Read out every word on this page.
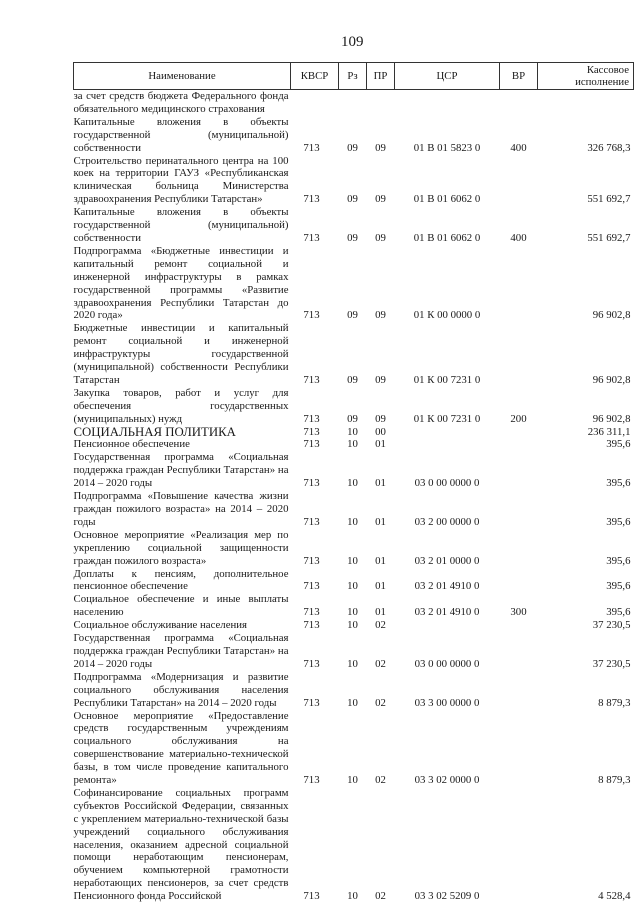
109
Наименование	КВСР	Рз	ПР	ЦСР	ВР	Кассовое исполнение
за счет средств бюджета Федерального фонда обязательного медицинского страхования						
Капитальные вложения в объекты государственной (муниципальной) собственности	713	09	09	01 В 01 5823 0	400	326 768,3
Строительство перинатального центра на 100 коек на территории ГАУЗ «Республиканская клиническая больница Министерства здравоохранения Республики Татарстан»	713	09	09	01 В 01 6062 0		551 692,7
Капитальные вложения в объекты государственной (муниципальной) собственности	713	09	09	01 В 01 6062 0	400	551 692,7
Подпрограмма «Бюджетные инвестиции и капитальный ремонт социальной и инженерной инфраструктуры в рамках государственной программы «Развитие здравоохранения Республики Татарстан до 2020 года»	713	09	09	01 К 00 0000 0		96 902,8
Бюджетные инвестиции и капитальный ремонт социальной и инженерной инфраструктуры государственной (муниципальной) собственности Республики Татарстан	713	09	09	01 К 00 7231 0		96 902,8
Закупка товаров, работ и услуг для обеспечения государственных (муниципальных) нужд	713	09	09	01 К 00 7231 0	200	96 902,8
СОЦИАЛЬНАЯ ПОЛИТИКА	713	10	00			236 311,1
Пенсионное обеспечение	713	10	01			395,6
Государственная программа «Социальная поддержка граждан Республики Татарстан» на 2014 – 2020 годы	713	10	01	03 0 00 0000 0		395,6
Подпрограмма «Повышение качества жизни граждан пожилого возраста» на 2014 – 2020 годы	713	10	01	03 2 00 0000 0		395,6
Основное мероприятие «Реализация мер по укреплению социальной защищенности граждан пожилого возраста»	713	10	01	03 2 01 0000 0		395,6
Доплаты к пенсиям, дополнительное пенсионное обеспечение	713	10	01	03 2 01 4910 0		395,6
Социальное обеспечение и иные выплаты населению	713	10	01	03 2 01 4910 0	300	395,6
Социальное обслуживание населения	713	10	02			37 230,5
Государственная программа «Социальная поддержка граждан Республики Татарстан» на 2014 – 2020 годы	713	10	02	03 0 00 0000 0		37 230,5
Подпрограмма «Модернизация и развитие социального обслуживания населения Республики Татарстан» на 2014 – 2020 годы	713	10	02	03 3 00 0000 0		8 879,3
Основное мероприятие «Предоставление средств государственным учреждениям социального обслуживания на совершенствование материально-технической базы, в том числе проведение капитального ремонта»	713	10	02	03 3 02 0000 0		8 879,3
Софинансирование социальных программ субъектов Российской Федерации, связанных с укреплением материально-технической базы учреждений социального обслуживания населения, оказанием адресной социальной помощи неработающим пенсионерам, обучением компьютерной грамотности неработающих пенсионеров, за счет средств Пенсионного фонда Российской	713	10	02	03 3 02 5209 0		4 528,4
